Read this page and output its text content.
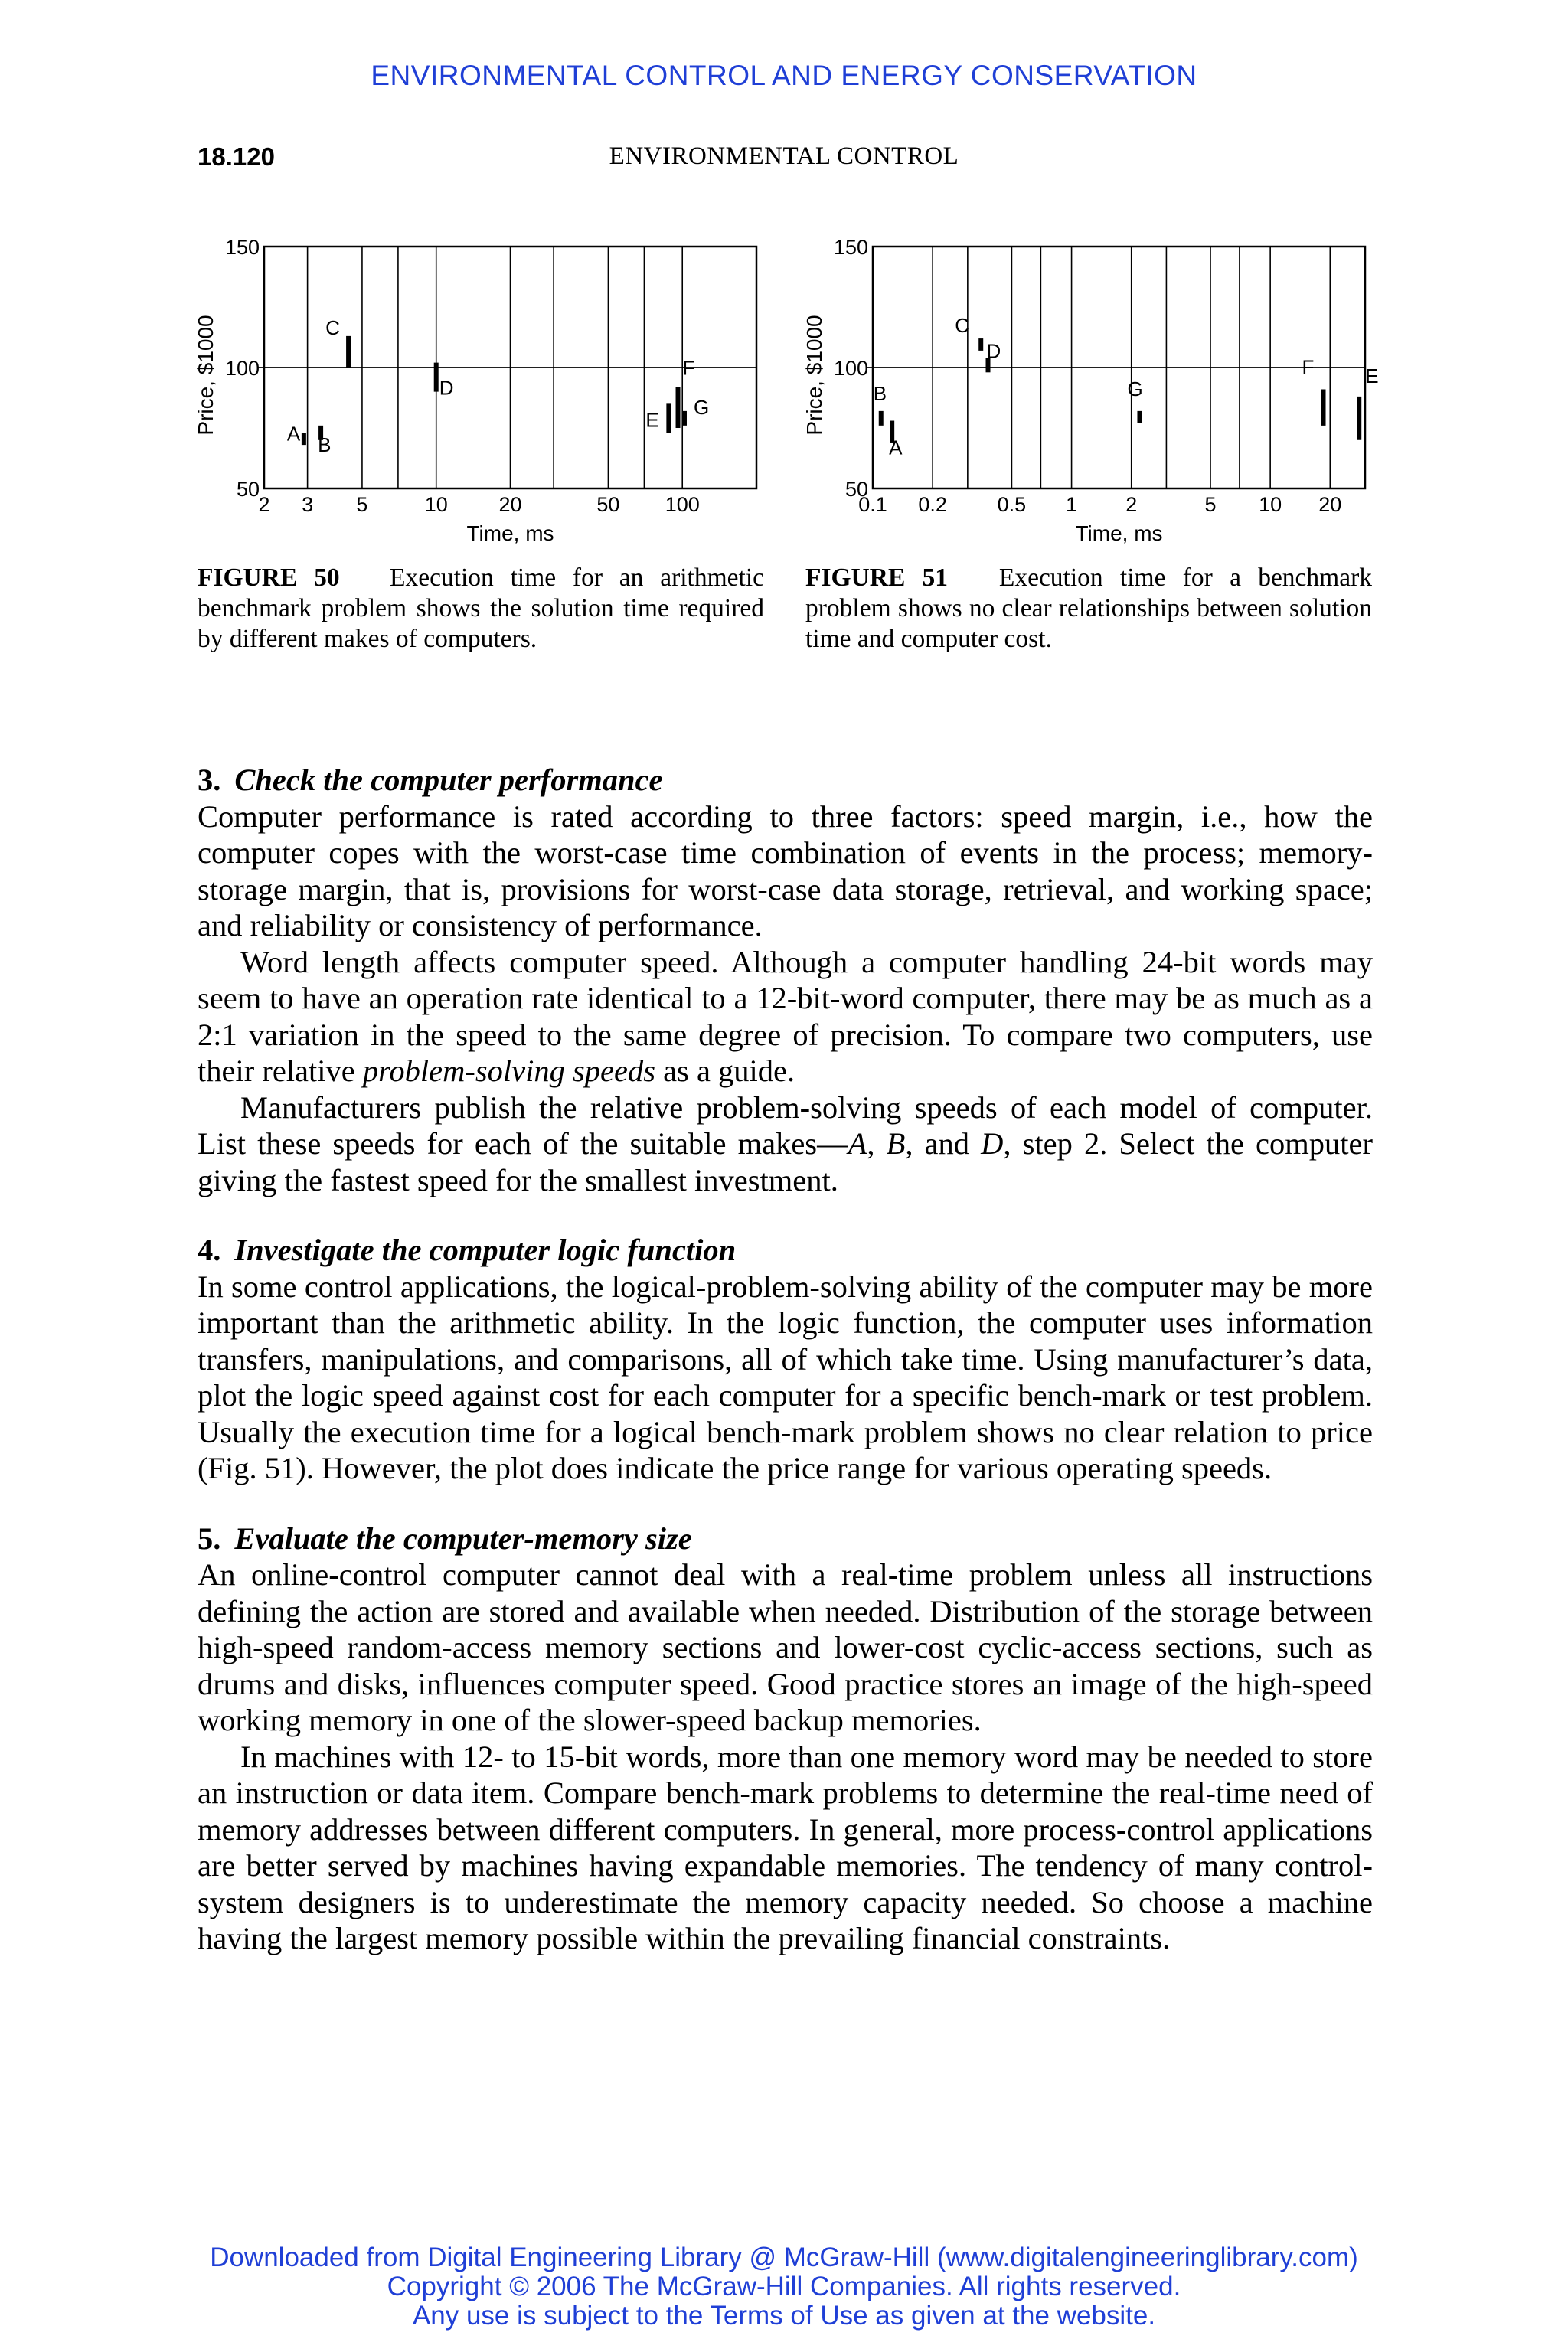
ENVIRONMENTAL CONTROL AND ENERGY CONSERVATION
18.120	ENVIRONMENTAL CONTROL
50
100
150
2 3 5	10 20	50 100
Time, ms
Price, $1000	A B
C
D
E
F
G
50
100
150
0.1 0.2 0.5 1 2	5 10 20
Time, ms
Price, $1000
A
B
C
D
G
F	E
FIGURE 50 Execution time for an arithmetic benchmark problem shows the solution time required by different makes of computers.
FIGURE 51 Execution time for a benchmark problem shows no clear relationships between solution time and computer cost.
3. Check the computer performance

Computer performance is rated according to three factors: speed margin, i.e., how the computer copes with the worst-case time combination of events in the process; memory-storage margin, that is, provisions for worst-case data storage, retrieval, and working space; and reliability or consistency of performance.

Word length affects computer speed. Although a computer handling 24-bit words may seem to have an operation rate identical to a 12-bit-word computer, there may be as much as a 2:1 variation in the speed to the same degree of precision. To compare two computers, use their relative problem-solving speeds as a guide.

Manufacturers publish the relative problem-solving speeds of each model of computer. List these speeds for each of the suitable makes—A, B, and D, step 2. Select the computer giving the fastest speed for the smallest investment.

4. Investigate the computer logic function

In some control applications, the logical-problem-solving ability of the computer may be more important than the arithmetic ability. In the logic function, the computer uses information transfers, manipulations, and comparisons, all of which take time. Using manufacturer’s data, plot the logic speed against cost for each computer for a specific bench-mark or test problem. Usually the execution time for a logical bench-mark problem shows no clear relation to price (Fig. 51). However, the plot does indicate the price range for various operating speeds.

5. Evaluate the computer-memory size

An online-control computer cannot deal with a real-time problem unless all instructions defining the action are stored and available when needed. Distribution of the storage between high-speed random-access memory sections and lower-cost cyclic-access sections, such as drums and disks, influences computer speed. Good practice stores an image of the high-speed working memory in one of the slower-speed backup memories.

In machines with 12- to 15-bit words, more than one memory word may be needed to store an instruction or data item. Compare bench-mark problems to determine the real-time need of memory addresses between different computers. In general, more process-control applications are better served by machines having expandable memories. The tendency of many control-system designers is to underestimate the memory capacity needed. So choose a machine having the largest memory possible within the prevailing financial constraints.

Downloaded from Digital Engineering Library @ McGraw-Hill (www.digitalengineeringlibrary.com)
Copyright © 2006 The McGraw-Hill Companies. All rights reserved.
Any use is subject to the Terms of Use as given at the website.
